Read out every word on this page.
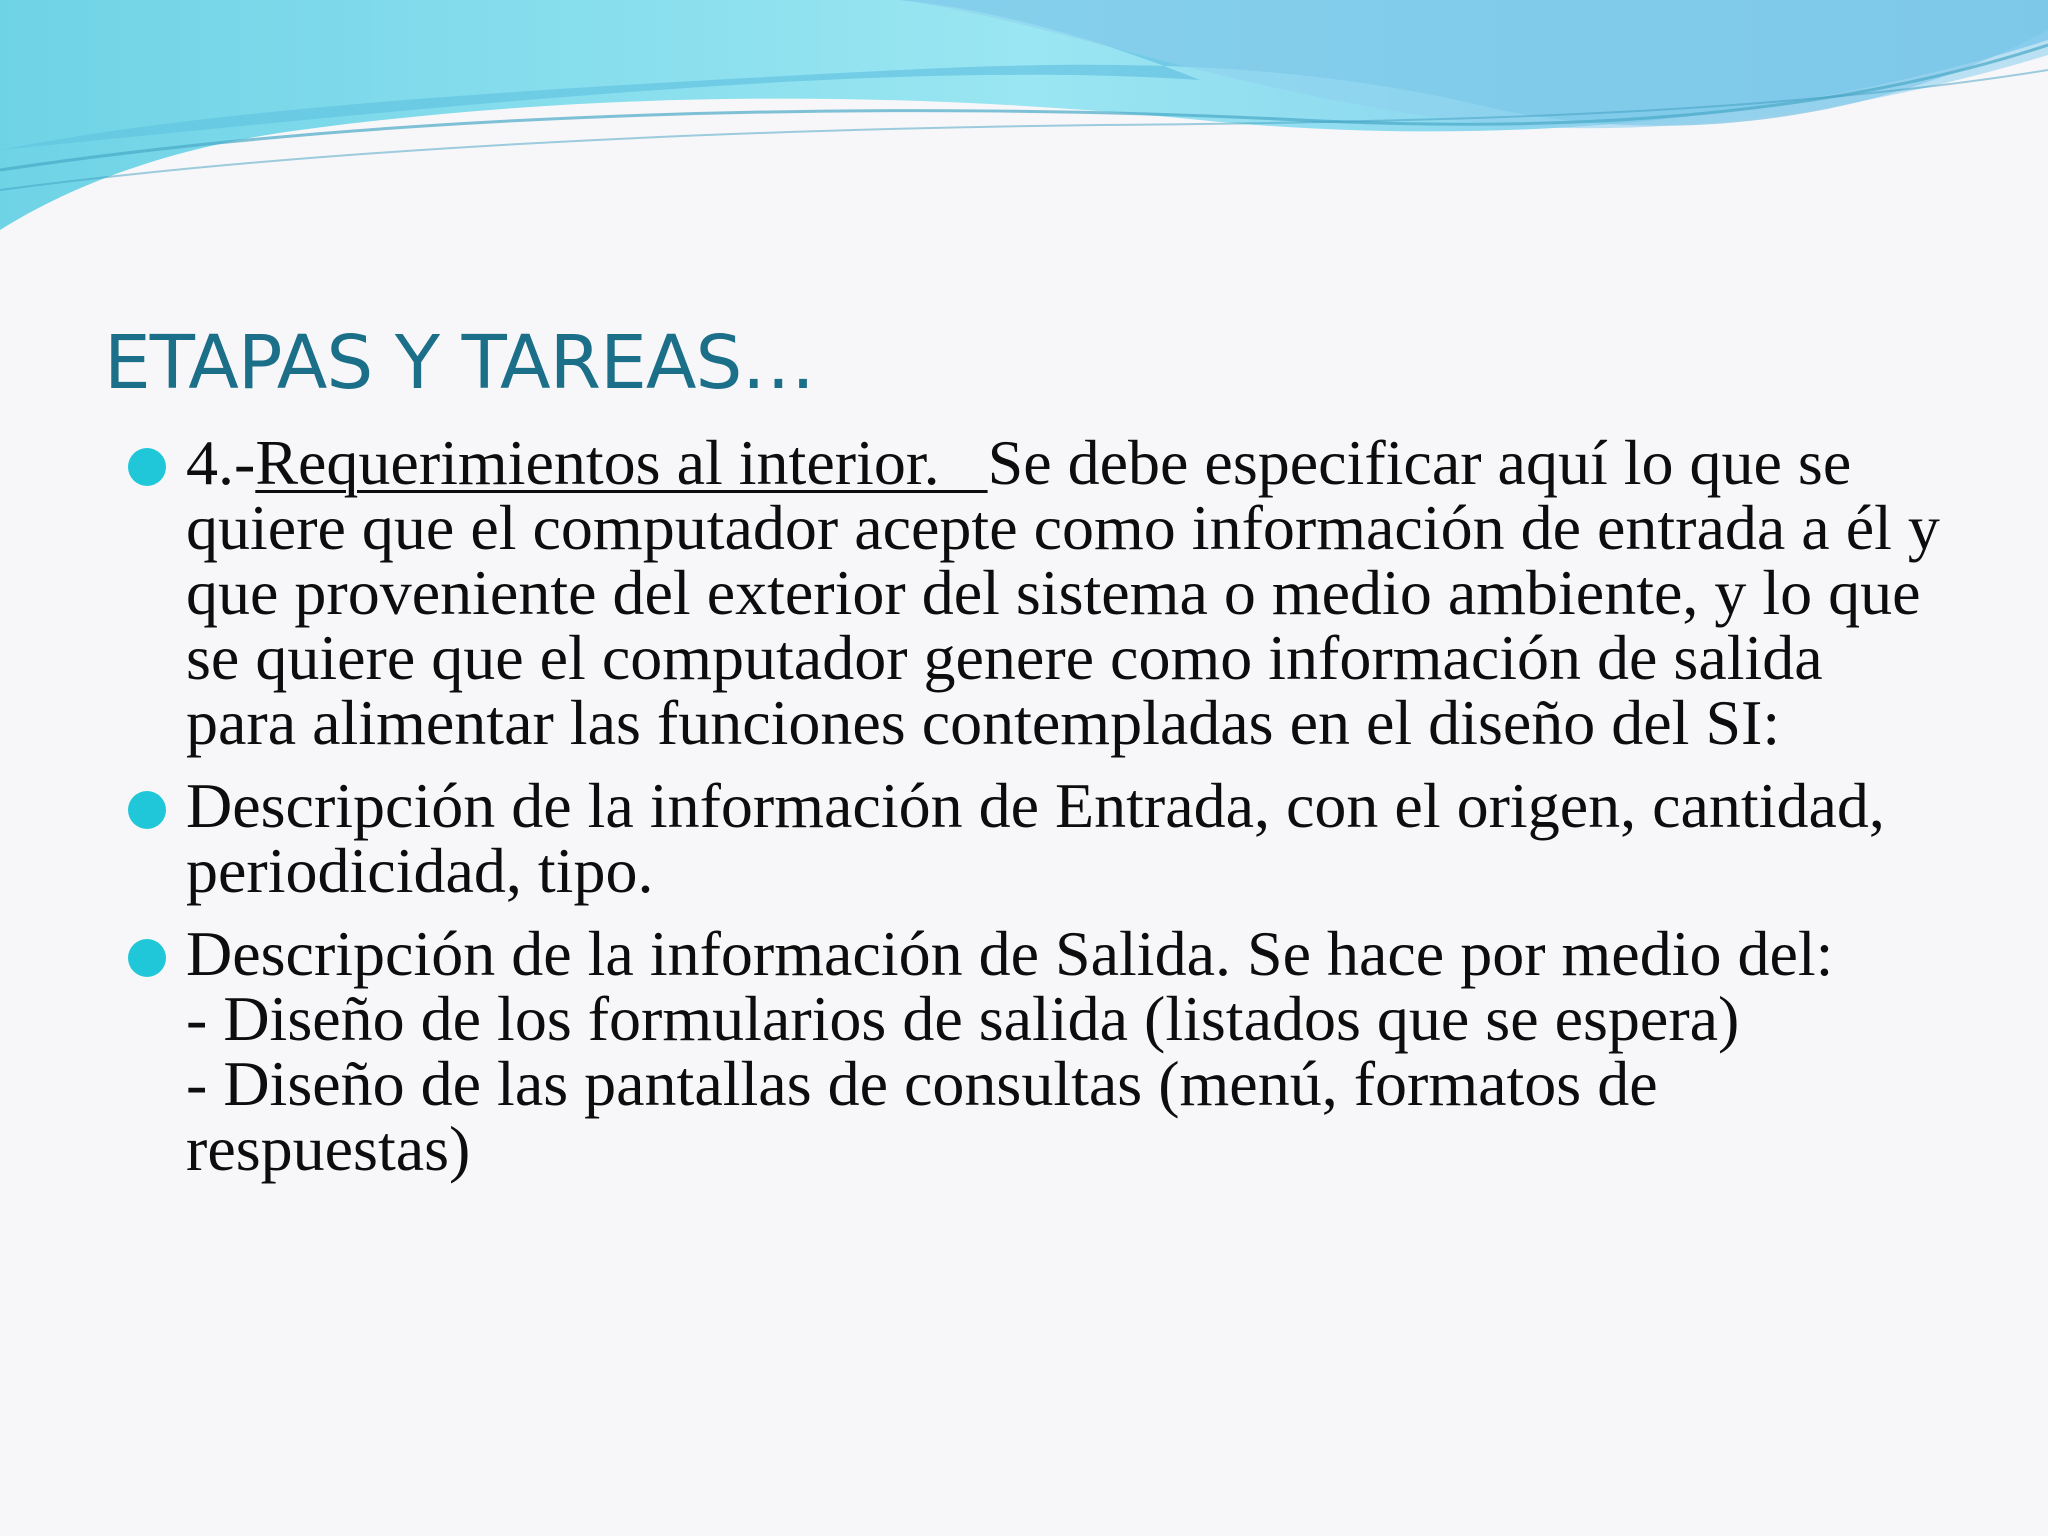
ETAPAS Y TAREAS…
4.-Requerimientos al interior.   Se debe especificar aquí lo que se quiere que el computador acepte como información de entrada a él y que proveniente del exterior del sistema o medio ambiente, y lo que se quiere que el computador genere como información de salida para alimentar las funciones contempladas en el diseño del SI:
Descripción de la información de Entrada, con el origen, cantidad, periodicidad, tipo.
Descripción de la información de Salida. Se hace por medio del:
- Diseño de los formularios de salida (listados que se espera)
- Diseño de las pantallas de consultas (menú, formatos de respuestas)
